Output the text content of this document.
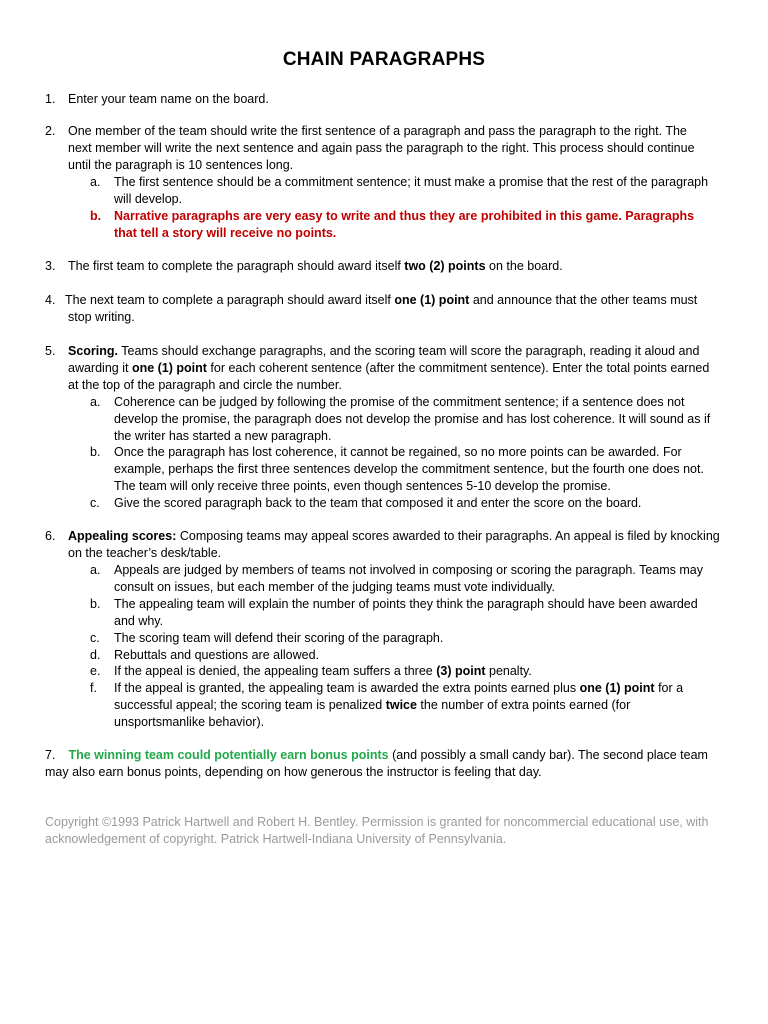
CHAIN PARAGRAPHS
1. Enter your team name on the board.
2. One member of the team should write the first sentence of a paragraph and pass the paragraph to the right. The
next member will write the next sentence and again pass the paragraph to the right. This process should continue until the paragraph is 10 sentences long.
a. The first sentence should be a commitment sentence; it must make a promise that the rest of the paragraph will develop.
b. Narrative paragraphs are very easy to write and thus they are prohibited in this game. Paragraphs that tell a story will receive no points.
3. The first team to complete the paragraph should award itself two (2) points on the board.
4. The next team to complete a paragraph should award itself one (1) point and announce that the other teams must
stop writing.
5. Scoring. Teams should exchange paragraphs, and the scoring team will score the paragraph, reading it aloud and awarding it one (1) point for each coherent sentence (after the commitment sentence). Enter the total points earned at the top of the paragraph and circle the number.
a. Coherence can be judged by following the promise of the commitment sentence; if a sentence does not develop the promise, the paragraph does not develop the promise and has lost coherence. It will sound as if the writer has started a new paragraph.
b. Once the paragraph has lost coherence, it cannot be regained, so no more points can be awarded. For example, perhaps the first three sentences develop the commitment sentence, but the fourth one does not. The team will only receive three points, even though sentences 5-10 develop the promise.
c. Give the scored paragraph back to the team that composed it and enter the score on the board.
6. Appealing scores: Composing teams may appeal scores awarded to their paragraphs. An appeal is filed by knocking on the teacher’s desk/table.
a. Appeals are judged by members of teams not involved in composing or scoring the paragraph. Teams may consult on issues, but each member of the judging teams must vote individually.
b. The appealing team will explain the number of points they think the paragraph should have been awarded and why.
c. The scoring team will defend their scoring of the paragraph.
d. Rebuttals and questions are allowed.
e. If the appeal is denied, the appealing team suffers a three (3) point penalty.
f. If the appeal is granted, the appealing team is awarded the extra points earned plus one (1) point for a successful appeal; the scoring team is penalized twice the number of extra points earned (for unsportsmanlike behavior).
7. The winning team could potentially earn bonus points (and possibly a small candy bar). The second place team may also earn bonus points, depending on how generous the instructor is feeling that day.
Copyright ©1993 Patrick Hartwell and Robert H. Bentley. Permission is granted for noncommercial educational use, with acknowledgement of copyright. Patrick Hartwell-Indiana University of Pennsylvania.
